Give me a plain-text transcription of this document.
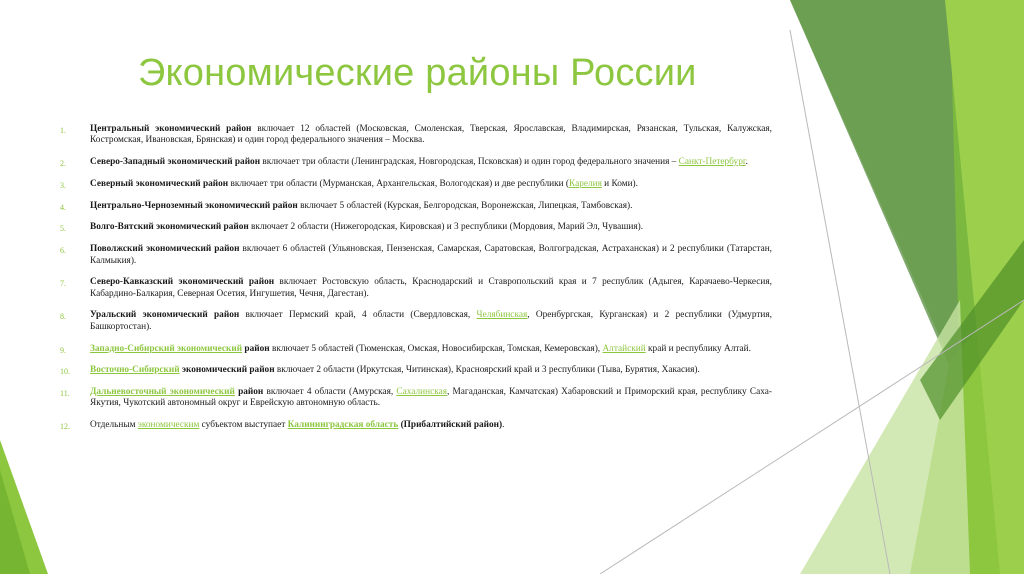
Экономические районы России
1.	Центральный экономический район включает 12 областей (Московская, Смоленская, Тверская, Ярославская, Владимирская, Рязанская, Тульская, Калужская, Костромская, Ивановская, Брянская) и один город федерального значения – Москва.
2.	Северо-Западный экономический район включает три области (Ленинградская, Новгородская, Псковская) и один город федерального значения – Санкт-Петербург.
3.	Северный экономический район включает три области (Мурманская, Архангельская, Вологодская) и две республики (Карелия и Коми).
4.	Центрально-Черноземный экономический район включает 5 областей (Курская, Белгородская, Воронежская, Липецкая, Тамбовская).
5.	Волго-Вятский экономический район включает 2 области (Нижегородская, Кировская) и 3 республики (Мордовия, Марий Эл, Чувашия).
6.	Поволжский экономический район включает 6 областей (Ульяновская, Пензенская, Самарская, Саратовская, Волгоградская, Астраханская) и 2 республики (Татарстан, Калмыкия).
7.	Северо-Кавказский экономический район включает Ростовскую область, Краснодарский и Ставропольский края и 7 республик (Адыгея, Карачаево-Черкесия, Кабардино-Балкария, Северная Осетия, Ингушетия, Чечня, Дагестан).
8.	Уральский экономический район включает Пермский край, 4 области (Свердловская, Челябинская, Оренбургская, Курганская) и 2 республики (Удмуртия, Башкортостан).
9.	Западно-Сибирский экономический район включает 5 областей (Тюменская, Омская, Новосибирская, Томская, Кемеровская), Алтайский край и республику Алтай.
10.	Восточно-Сибирский экономический район включает 2 области (Иркутская, Читинская), Красноярский край и 3 республики (Тыва, Бурятия, Хакасия).
11.	Дальневосточный экономический район включает 4 области (Амурская, Сахалинская, Магаданская, Камчатская) Хабаровский и Приморский края, республику Саха-Якутия, Чукотский автономный округ и Еврейскую автономную область.
12.	Отдельным экономическим субъектом выступает Калининградская область (Прибалтийский район).
